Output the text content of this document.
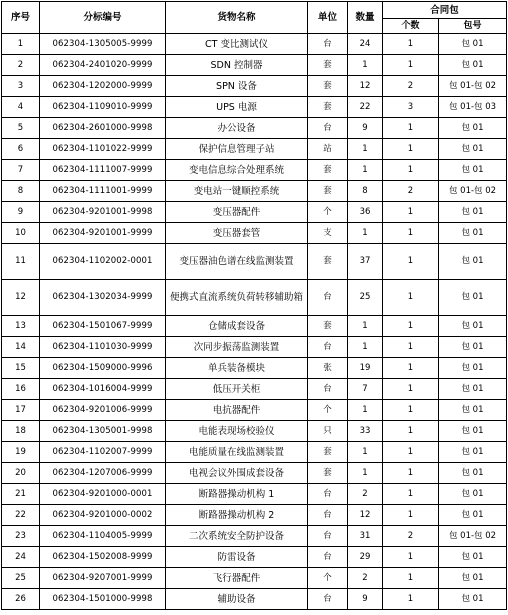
序号	分标编号	货物名称	单位	数量	合同包	
					个数	包号
1	062304-1305005-9999	CT 变比测试仪	台	24	1	包 01
2	062304-2401020-9999	SDN 控制器	套	1	1	包 01
3	062304-1202000-9999	SPN 设备	套	12	2	包 01-包 02
4	062304-1109010-9999	UPS 电源	套	22	3	包 01-包 03
5	062304-2601000-9998	办公设备	台	9	1	包 01
6	062304-1101022-9999	保护信息管理子站	站	1	1	包 01
7	062304-1111007-9999	变电信息综合处理系统	套	1	1	包 01
8	062304-1111001-9999	变电站一键顺控系统	套	8	2	包 01-包 02
9	062304-9201001-9998	变压器配件	个	36	1	包 01
10	062304-9201001-9999	变压器套管	支	1	1	包 01
11	062304-1102002-0001	变压器油色谱在线监测装置	套	37	1	包 01
12	062304-1302034-9999	便携式直流系统负荷转移辅助箱	台	25	1	包 01
13	062304-1501067-9999	仓储成套设备	套	1	1	包 01
14	062304-1101030-9999	次同步振荡监测装置	台	1	1	包 01
15	062304-1509000-9996	单兵装备模块	张	19	1	包 01
16	062304-1016004-9999	低压开关柜	台	7	1	包 01
17	062304-9201006-9999	电抗器配件	个	1	1	包 01
18	062304-1305001-9998	电能表现场校验仪	只	33	1	包 01
19	062304-1102007-9999	电能质量在线监测装置	套	1	1	包 01
20	062304-1207006-9999	电视会议外围成套设备	套	1	1	包 01
21	062304-9201000-0001	断路器操动机构 1	台	2	1	包 01
22	062304-9201000-0002	断路器操动机构 2	台	12	1	包 01
23	062304-1104005-9999	二次系统安全防护设备	台	31	2	包 01-包 02
24	062304-1502008-9999	防雷设备	台	29	1	包 01
25	062304-9207001-9999	飞行器配件	个	2	1	包 01
26	062304-1501000-9998	辅助设备	台	9	1	包 01
